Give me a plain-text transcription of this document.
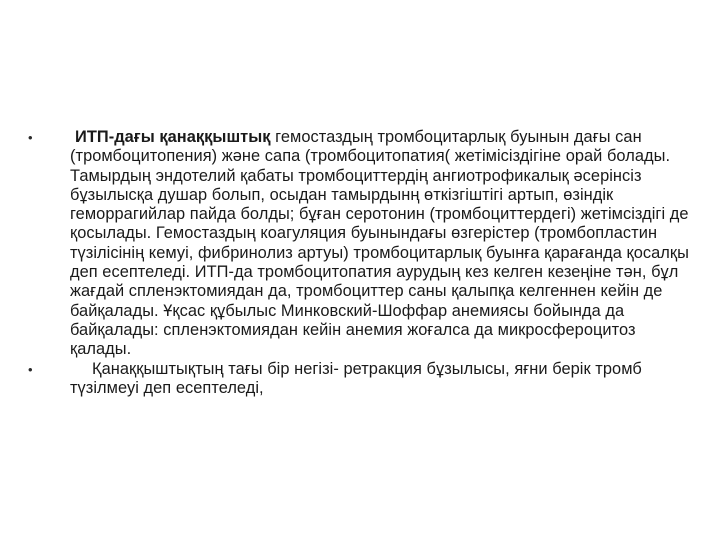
•	ИТП-дағы қанаққыштық гемостаздың тромбоцитарлық буынын дағы сан (тромбоцитопения) және сапа (тромбоцитопатия( жетімісіздігіне орай болады. Тамырдың эндотелий қабаты тромбоциттердің ангиотрофикалық әсерінсіз бұзылысқа душар болып, осыдан тамырдынң өткізгіштігі артып, өзіндік геморрагийлар пайда болды; бұған серотонин (тромбоциттердегі) жетімсіздігі де қосылады. Гемостаздың коагуляция буынындағы өзгерістер (тромбопластин түзілісінің кемуі, фибринолиз артуы) тромбоцитарлық буынға қарағанда қосалқы деп есептеледі. ИТП-да тромбоцитопатия аурудың кез келген кезеңіне тән, бұл жағдай спленэктомиядан да, тромбоциттер саны қалыпқа келгеннен кейін де байқалады. Ұқсас құбылыс Минковский-Шоффар анемиясы бойында да байқалады: спленэктомиядан кейін анемия жоғалса да микросфероцитоз қалады.
•	Қанаққыштықтың тағы бір негізі- ретракция бұзылысы, яғни берік тромб түзілмеуі деп есептеледі,
